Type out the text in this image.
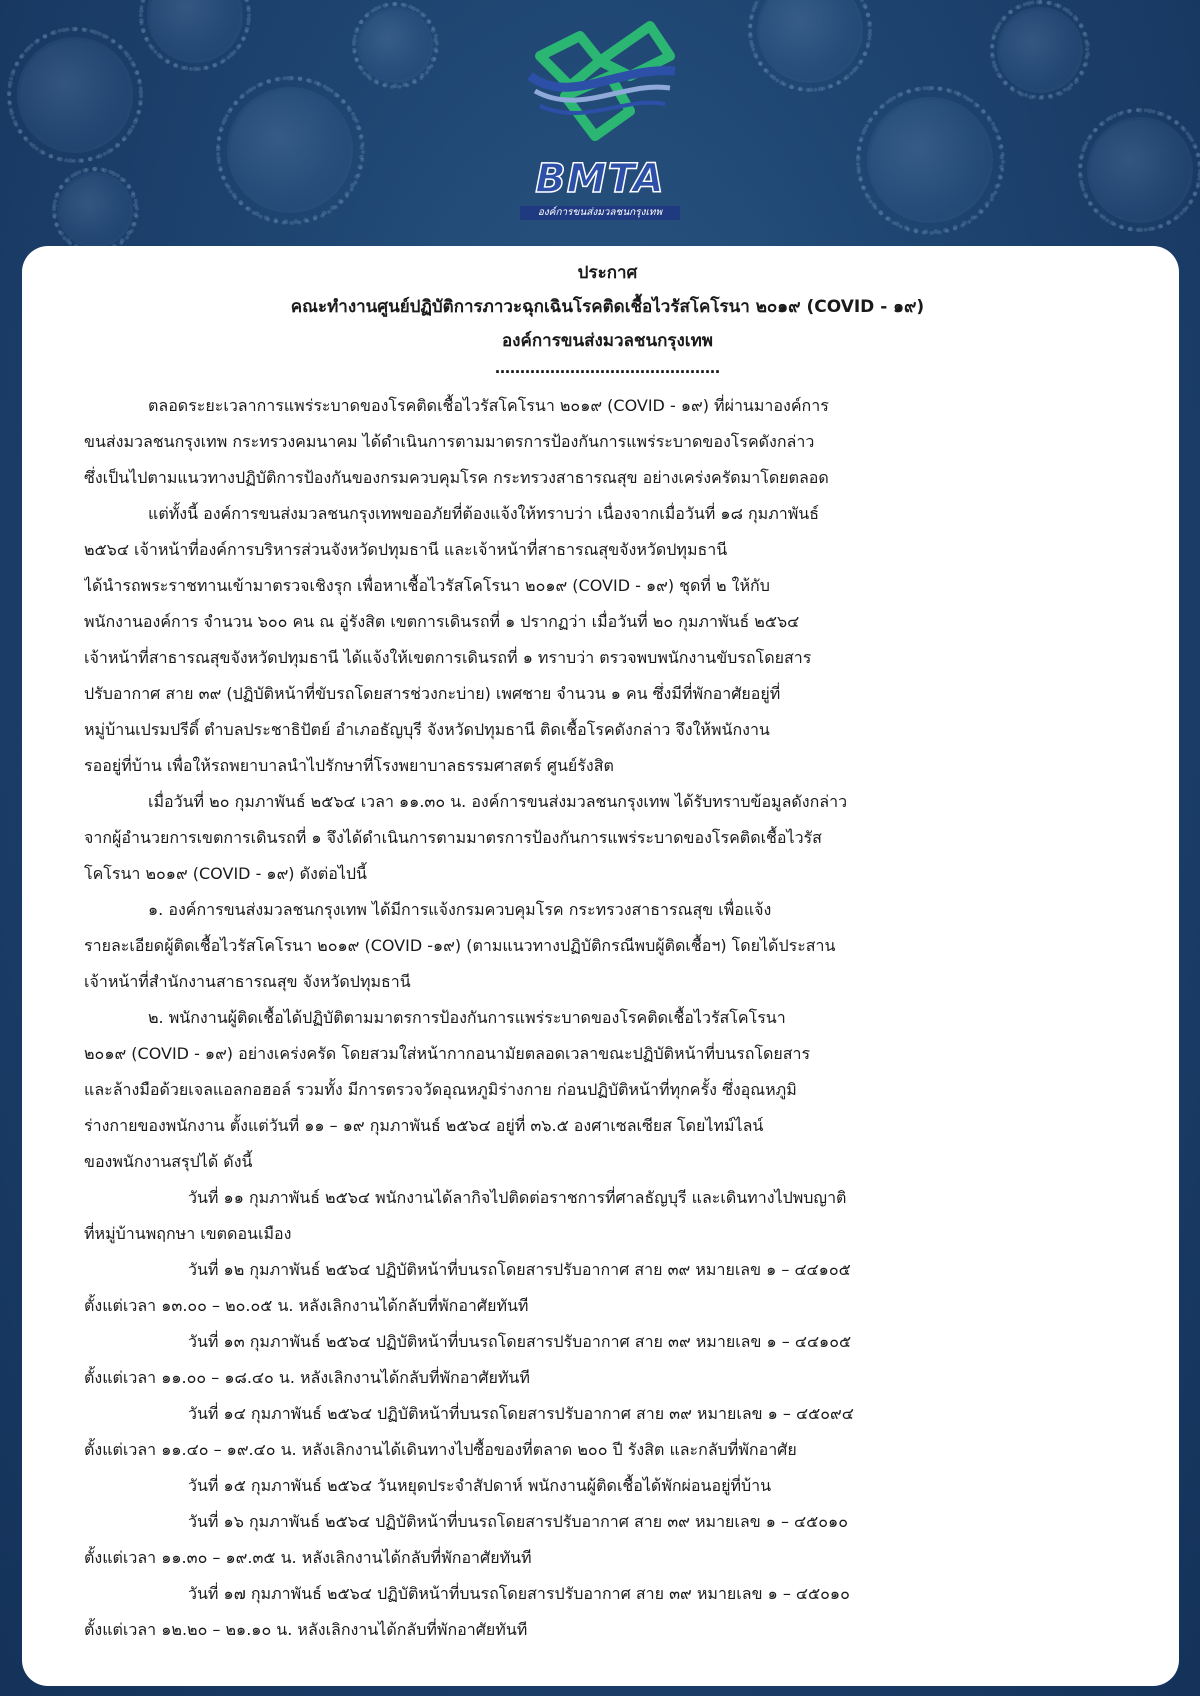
BMTA
องค์การขนส่งมวลชนกรุงเทพ

ประกาศ

คณะทำงานศูนย์ปฏิบัติการภาวะฉุกเฉินโรคติดเชื้อไวรัสโคโรนา ๒๐๑๙ (COVID - ๑๙)

องค์การขนส่งมวลชนกรุงเทพ

………………………………………

ตลอดระยะเวลาการแพร่ระบาดของโรคติดเชื้อไวรัสโคโรนา ๒๐๑๙ (COVID - ๑๙) ที่ผ่านมาองค์การ

ขนส่งมวลชนกรุงเทพ กระทรวงคมนาคม ได้ดำเนินการตามมาตรการป้องกันการแพร่ระบาดของโรคดังกล่าว

ซึ่งเป็นไปตามแนวทางปฏิบัติการป้องกันของกรมควบคุมโรค กระทรวงสาธารณสุข อย่างเคร่งครัดมาโดยตลอด

แต่ทั้งนี้ องค์การขนส่งมวลชนกรุงเทพขออภัยที่ต้องแจ้งให้ทราบว่า เนื่องจากเมื่อวันที่ ๑๘ กุมภาพันธ์

๒๕๖๔ เจ้าหน้าที่องค์การบริหารส่วนจังหวัดปทุมธานี และเจ้าหน้าที่สาธารณสุขจังหวัดปทุมธานี

ได้นำรถพระราชทานเข้ามาตรวจเชิงรุก เพื่อหาเชื้อไวรัสโคโรนา ๒๐๑๙ (COVID - ๑๙) ชุดที่ ๒ ให้กับ

พนักงานองค์การ จำนวน ๖๐๐ คน ณ อู่รังสิต เขตการเดินรถที่ ๑ ปรากฏว่า เมื่อวันที่ ๒๐ กุมภาพันธ์ ๒๕๖๔

เจ้าหน้าที่สาธารณสุขจังหวัดปทุมธานี ได้แจ้งให้เขตการเดินรถที่ ๑ ทราบว่า ตรวจพบพนักงานขับรถโดยสาร

ปรับอากาศ สาย ๓๙ (ปฏิบัติหน้าที่ขับรถโดยสารช่วงกะบ่าย) เพศชาย จำนวน ๑ คน ซึ่งมีที่พักอาศัยอยู่ที่

หมู่บ้านเปรมปรีดิ์ ตำบลประชาธิปัตย์ อำเภอธัญบุรี จังหวัดปทุมธานี ติดเชื้อโรคดังกล่าว จึงให้พนักงาน

รออยู่ที่บ้าน เพื่อให้รถพยาบาลนำไปรักษาที่โรงพยาบาลธรรมศาสตร์ ศูนย์รังสิต

เมื่อวันที่ ๒๐ กุมภาพันธ์ ๒๕๖๔ เวลา ๑๑.๓๐ น. องค์การขนส่งมวลชนกรุงเทพ ได้รับทราบข้อมูลดังกล่าว

จากผู้อำนวยการเขตการเดินรถที่ ๑ จึงได้ดำเนินการตามมาตรการป้องกันการแพร่ระบาดของโรคติดเชื้อไวรัส

โคโรนา ๒๐๑๙ (COVID - ๑๙) ดังต่อไปนี้

๑. องค์การขนส่งมวลชนกรุงเทพ ได้มีการแจ้งกรมควบคุมโรค กระทรวงสาธารณสุข เพื่อแจ้ง

รายละเอียดผู้ติดเชื้อไวรัสโคโรนา ๒๐๑๙ (COVID -๑๙) (ตามแนวทางปฏิบัติกรณีพบผู้ติดเชื้อฯ) โดยได้ประสาน

เจ้าหน้าที่สำนักงานสาธารณสุข จังหวัดปทุมธานี

๒. พนักงานผู้ติดเชื้อได้ปฏิบัติตามมาตรการป้องกันการแพร่ระบาดของโรคติดเชื้อไวรัสโคโรนา

๒๐๑๙ (COVID - ๑๙) อย่างเคร่งครัด โดยสวมใส่หน้ากากอนามัยตลอดเวลาขณะปฏิบัติหน้าที่บนรถโดยสาร

และล้างมือด้วยเจลแอลกอฮอล์ รวมทั้ง มีการตรวจวัดอุณหภูมิร่างกาย ก่อนปฏิบัติหน้าที่ทุกครั้ง ซึ่งอุณหภูมิ

ร่างกายของพนักงาน ตั้งแต่วันที่ ๑๑ – ๑๙ กุมภาพันธ์ ๒๕๖๔ อยู่ที่ ๓๖.๕ องศาเซลเซียส โดยไทม์ไลน์

ของพนักงานสรุปได้ ดังนี้

วันที่ ๑๑ กุมภาพันธ์ ๒๕๖๔ พนักงานได้ลากิจไปติดต่อราชการที่ศาลธัญบุรี และเดินทางไปพบญาติ

ที่หมู่บ้านพฤกษา เขตดอนเมือง

วันที่ ๑๒ กุมภาพันธ์ ๒๕๖๔ ปฏิบัติหน้าที่บนรถโดยสารปรับอากาศ สาย ๓๙ หมายเลข ๑ – ๔๔๑๐๕

ตั้งแต่เวลา ๑๓.๐๐ – ๒๐.๐๕ น. หลังเลิกงานได้กลับที่พักอาศัยทันที

วันที่ ๑๓ กุมภาพันธ์ ๒๕๖๔ ปฏิบัติหน้าที่บนรถโดยสารปรับอากาศ สาย ๓๙ หมายเลข ๑ – ๔๔๑๐๕

ตั้งแต่เวลา ๑๑.๐๐ – ๑๘.๔๐ น. หลังเลิกงานได้กลับที่พักอาศัยทันที

วันที่ ๑๔ กุมภาพันธ์ ๒๕๖๔ ปฏิบัติหน้าที่บนรถโดยสารปรับอากาศ สาย ๓๙ หมายเลข ๑ – ๔๕๐๙๔

ตั้งแต่เวลา ๑๑.๔๐ – ๑๙.๔๐ น. หลังเลิกงานได้เดินทางไปซื้อของที่ตลาด ๒๐๐ ปี รังสิต และกลับที่พักอาศัย

วันที่ ๑๕ กุมภาพันธ์ ๒๕๖๔ วันหยุดประจำสัปดาห์ พนักงานผู้ติดเชื้อได้พักผ่อนอยู่ที่บ้าน

วันที่ ๑๖ กุมภาพันธ์ ๒๕๖๔ ปฏิบัติหน้าที่บนรถโดยสารปรับอากาศ สาย ๓๙ หมายเลข ๑ – ๔๕๐๑๐

ตั้งแต่เวลา ๑๑.๓๐ – ๑๙.๓๕ น. หลังเลิกงานได้กลับที่พักอาศัยทันที

วันที่ ๑๗ กุมภาพันธ์ ๒๕๖๔ ปฏิบัติหน้าที่บนรถโดยสารปรับอากาศ สาย ๓๙ หมายเลข ๑ – ๔๕๐๑๐

ตั้งแต่เวลา ๑๒.๒๐ – ๒๑.๑๐ น. หลังเลิกงานได้กลับที่พักอาศัยทันที
